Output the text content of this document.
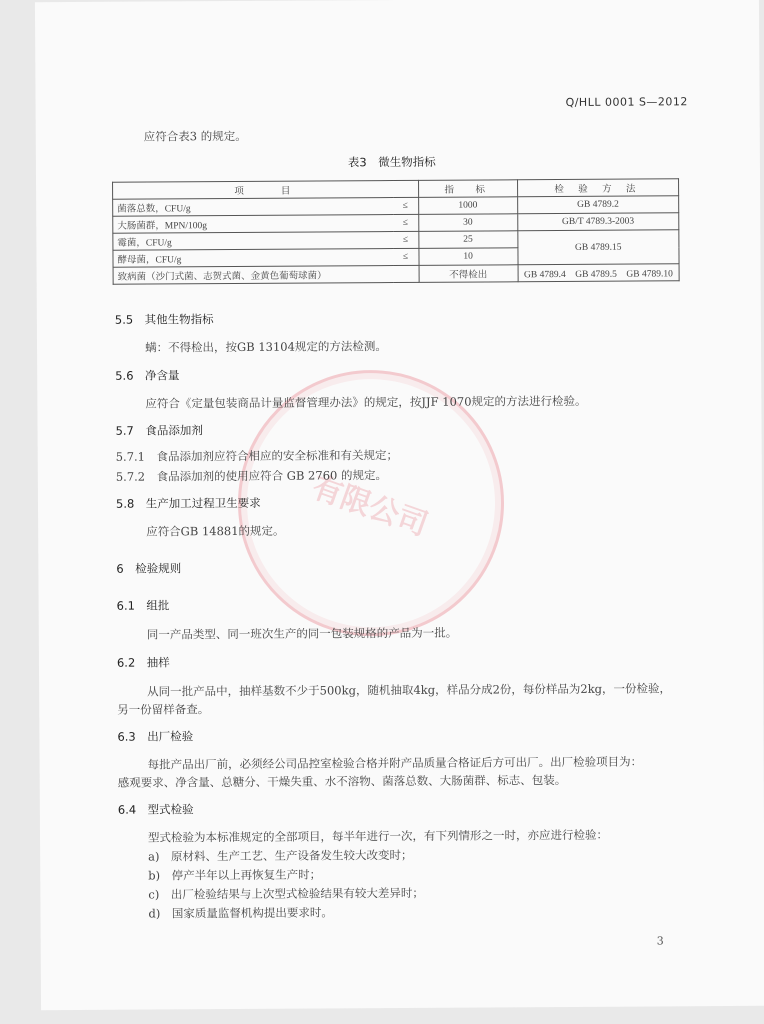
Q/HLL 0001 S—2012
应符合表3 的规定。
表3　微生物指标
项　　目		指　标	检 验 方 法
菌落总数，CFU/g	≤	1000	GB 4789.2
大肠菌群，MPN/100g	≤	30	GB/T 4789.3-2003
霉菌，CFU/g	≤	25	GB 4789.15
酵母菌，CFU/g	≤	10	
致病菌（沙门式菌、志贺式菌、金黄色葡萄球菌）		不得检出	GB 4789.4　GB 4789.5　GB 4789.10
有限公司
5.5　其他生物指标
螨：不得检出，按GB 13104规定的方法检测。
5.6　净含量
应符合《定量包装商品计量监督管理办法》的规定，按JJF 1070规定的方法进行检验。
5.7　食品添加剂
5.7.1　食品添加剂应符合相应的安全标准和有关规定；
5.7.2　食品添加剂的使用应符合 GB 2760 的规定。
5.8　生产加工过程卫生要求
应符合GB 14881的规定。
6　检验规则
6.1　组批
同一产品类型、同一班次生产的同一包装规格的产品为一批。
6.2　抽样
从同一批产品中，抽样基数不少于500kg，随机抽取4kg，样品分成2份，每份样品为2kg，一份检验，
另一份留样备查。
6.3　出厂检验
每批产品出厂前，必须经公司品控室检验合格并附产品质量合格证后方可出厂。出厂检验项目为：
感观要求、净含量、总糖分、干燥失重、水不溶物、菌落总数、大肠菌群、标志、包装。
6.4　型式检验
型式检验为本标准规定的全部项目，每半年进行一次，有下列情形之一时，亦应进行检验：
a)　原材料、生产工艺、生产设备发生较大改变时；
b)　停产半年以上再恢复生产时；
c)　出厂检验结果与上次型式检验结果有较大差异时；
d)　国家质量监督机构提出要求时。
3
